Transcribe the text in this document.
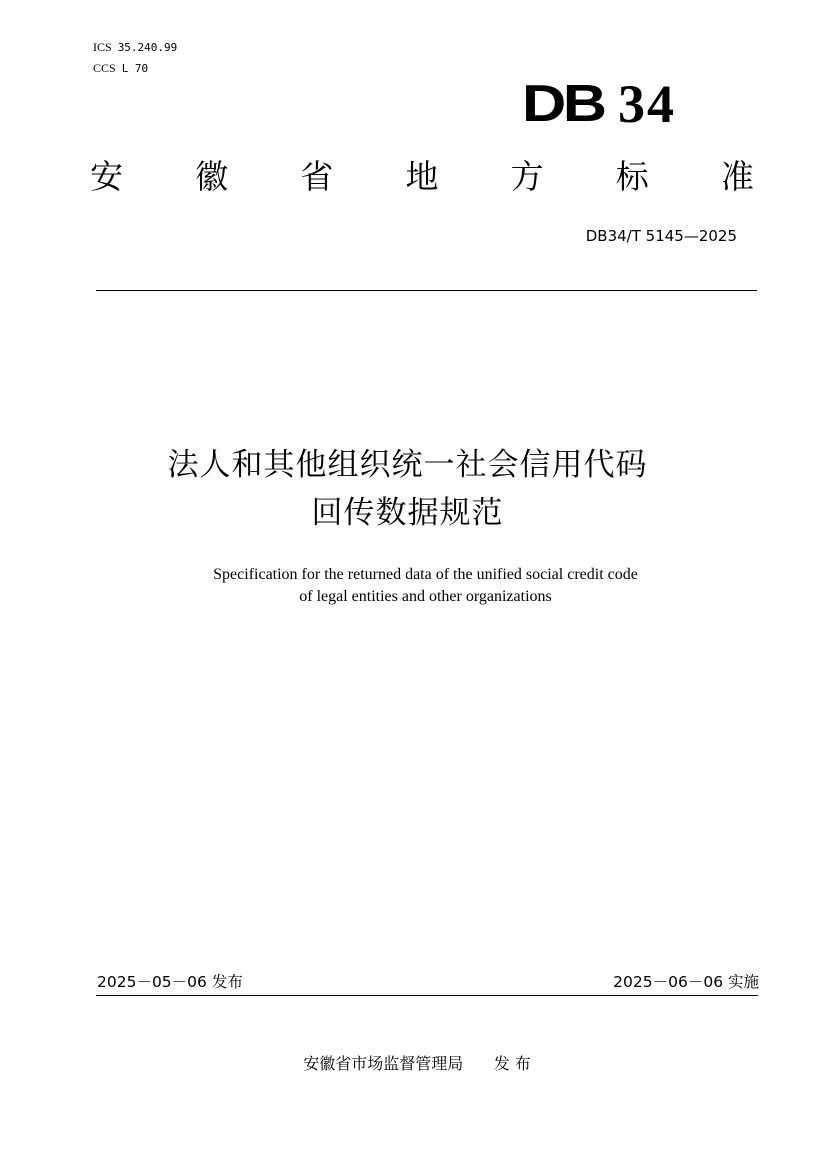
ICS 35.240.99
CCS L 70
DB 34
安 徽 省 地 方 标 准
DB34/T 5145—2025
法人和其他组织统一社会信用代码
回传数据规范
Specification for the returned data of the unified social credit code
of legal entities and other organizations
2025－05－06 发布	2025－06－06 实施
安徽省市场监督管理局 发 布
